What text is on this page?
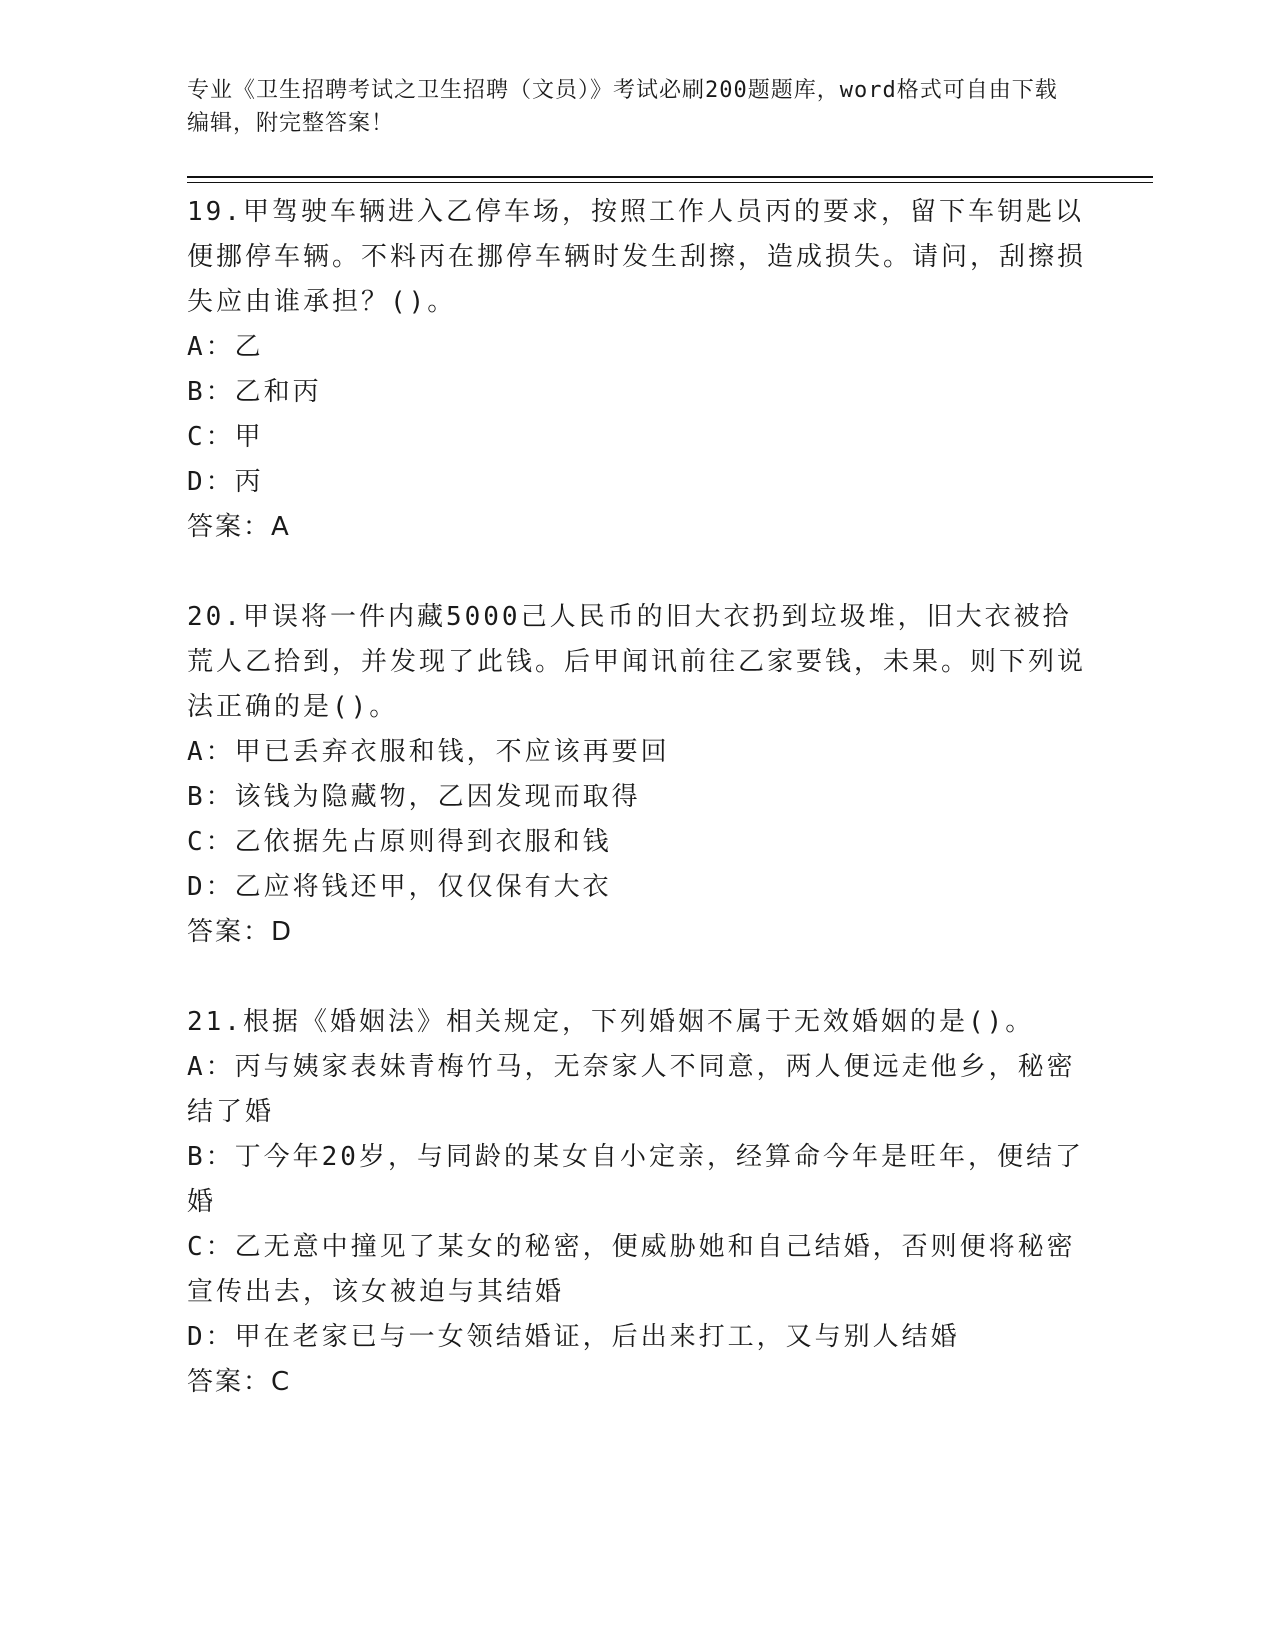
专业《卫生招聘考试之卫生招聘（文员）》考试必刷200题题库，word格式可自由下载编辑，附完整答案！

19.甲驾驶车辆进入乙停车场，按照工作人员丙的要求，留下车钥匙以便挪停车辆。不料丙在挪停车辆时发生刮擦，造成损失。请问，刮擦损失应由谁承担？()。

A：乙

B：乙和丙

C：甲

D：丙

答案：A

20.甲误将一件内藏5000己人民币的旧大衣扔到垃圾堆，旧大衣被拾荒人乙拾到，并发现了此钱。后甲闻讯前往乙家要钱，未果。则下列说法正确的是()。

A：甲已丢弃衣服和钱，不应该再要回

B：该钱为隐藏物，乙因发现而取得

C：乙依据先占原则得到衣服和钱

D：乙应将钱还甲，仅仅保有大衣

答案：D

21.根据《婚姻法》相关规定，下列婚姻不属于无效婚姻的是()。

A：丙与姨家表妹青梅竹马，无奈家人不同意，两人便远走他乡，秘密结了婚

B：丁今年20岁，与同龄的某女自小定亲，经算命今年是旺年，便结了婚

C：乙无意中撞见了某女的秘密，便威胁她和自己结婚，否则便将秘密宣传出去，该女被迫与其结婚

D：甲在老家已与一女领结婚证，后出来打工，又与别人结婚

答案：C
